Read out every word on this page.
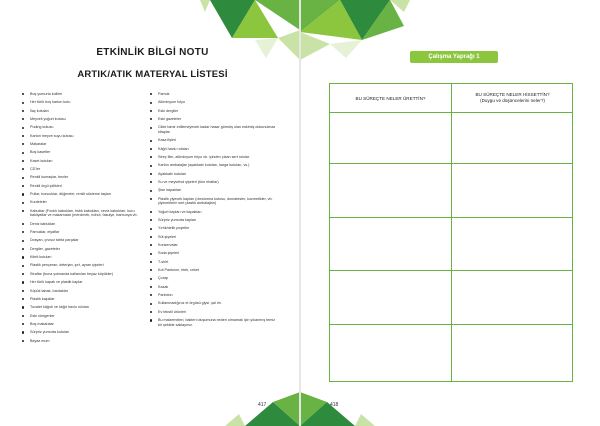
ETKİNLİK BİLGİ NOTU
ARTIK/ATIK MATERYAL LİSTESİ
Boş yumurta kolileri
Her türlü boş karton kutu
İlaç kutuları
Meyveli yoğurt kutusu
Puding kutusu
Karton meyve suyu kutusu
Makaralar
Boş kasetler
Kaset kutuları
CD'ler
Renkli kumaşlar, bezler
Renkli örgü ipilikleri
Pullar, boncuklar, düğmeler, renkli süsleme taşları
Kurdeleler
Kabuklar (Fındık kabukları, fıstık kabukları, ceviz kabukları, kuru bakliyatlar ve makarnalar (mercimek, nohut, fasulye, barbunya vb.
Deniz kabukları
Pamuklar, elyaflar
Dosyan, çıvısız tahta parçalar
Dergiler, gazeteler
Kibrit kutuları
Plastik pençeran, deterjan, şırt, ayran şişeleri
Straflar (buna yolmanda kallanılan beyaz köpükler)
Her türlü kapak ve plastik kaplar
Köpük tabak, bardaklar
Plastik kaşıklar
Tuvalet kâğıdı ve kâğıt havlu ruloları
Eski röntgenler
Boş makaralar
Sürpriz yumurta kutuları
Beyaz mum
Pamuk
Alüminyum folyo
Eski dergiler
Eski gazeteler
Cilde tamir edilemeyecek kadar hasar görmüş olan eskimiş dokunulmaz kitaplar
Kasa fişleri
Kâğıt havlu ruloları
Streç film, alüminyum folyo vb. içinden çıkan sert rulolar.
Karton ambalajlar (ayakkabı kutuları, karga kutuları, vs.)
Ayakkabı kutuları
Su ve meyvebol şişeleri (tüm ebatlar)
Şise kapakları
Plastik yiyecek kapları (dondurma kutusu, domatesler, kozmetikler, vb. yiyeceklerin sert plastik ambalajları)
Yoğurt kapları ve kapakları
Sürpriz yumurta kapları
Yırtık/delik poşetler
Süt şişeleri
Konservalar
Soda şişeleri
T-shirt
Kot Pantolon, etek, ceket
Çorap
Kazak
Pantolon
Kullanmadığınız el örgüsü giysi, şal vb.
Ev tekstil ürünleri
Bu malzemeleri, bakteri oluşumuna neden olmamak için yıkanmış temiz bir şekilde saklayınız.
417
Çalışma Yaprağı 1
BU SÜREÇTE NELER ÜRETTİN?
BU SÜREÇTE NELER HİSSETTİN?
(Duygu ve düşüncelerini neler?)
418
